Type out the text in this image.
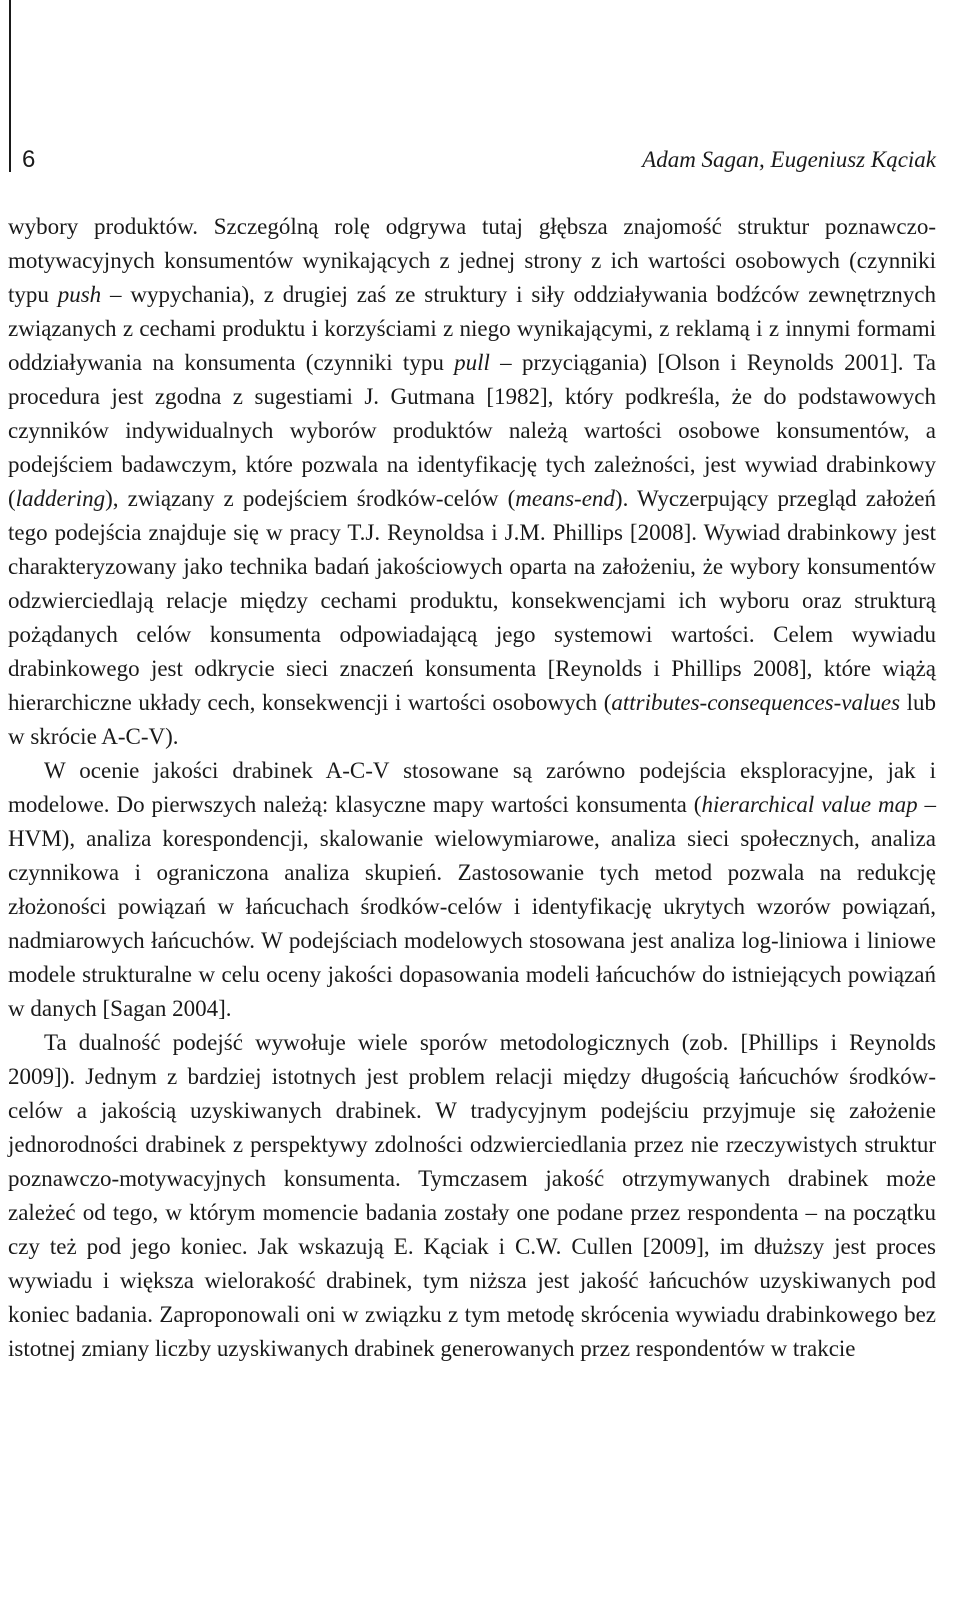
6	Adam Sagan, Eugeniusz Kąciak

wybory produktów. Szczególną rolę odgrywa tutaj głębsza znajomość struktur poznawczo-motywacyjnych konsumentów wynikających z jednej strony z ich wartości osobowych (czynniki typu push – wypychania), z drugiej zaś ze struktury i siły oddziaływania bodźców zewnętrznych związanych z cechami produktu i korzyściami z niego wynikającymi, z reklamą i z innymi formami oddziaływania na konsumenta (czynniki typu pull – przyciągania) [Olson i Reynolds 2001]. Ta procedura jest zgodna z sugestiami J. Gutmana [1982], który podkreśla, że do podstawowych czynników indywidualnych wyborów produktów należą wartości osobowe konsumentów, a podejściem badawczym, które pozwala na identyfikację tych zależności, jest wywiad drabinkowy (laddering), związany z podejściem środków-celów (means-end). Wyczerpujący przegląd założeń tego podejścia znajduje się w pracy T.J. Reynoldsa i J.M. Phillips [2008]. Wywiad drabinkowy jest charakteryzowany jako technika badań jakościowych oparta na założeniu, że wybory konsumentów odzwierciedlają relacje między cechami produktu, konsekwencjami ich wyboru oraz strukturą pożądanych celów konsumenta odpowiadającą jego systemowi wartości. Celem wywiadu drabinkowego jest odkrycie sieci znaczeń konsumenta [Reynolds i Phillips 2008], które wiążą hierarchiczne układy cech, konsekwencji i wartości osobowych (attributes-consequences-values lub w skrócie A-C-V).

W ocenie jakości drabinek A-C-V stosowane są zarówno podejścia eksploracyjne, jak i modelowe. Do pierwszych należą: klasyczne mapy wartości konsumenta (hierarchical value map – HVM), analiza korespondencji, skalowanie wielowymiarowe, analiza sieci społecznych, analiza czynnikowa i ograniczona analiza skupień. Zastosowanie tych metod pozwala na redukcję złożoności powiązań w łańcuchach środków-celów i identyfikację ukrytych wzorów powiązań, nadmiarowych łańcuchów. W podejściach modelowych stosowana jest analiza log-liniowa i liniowe modele strukturalne w celu oceny jakości dopasowania modeli łańcuchów do istniejących powiązań w danych [Sagan 2004].

Ta dualność podejść wywołuje wiele sporów metodologicznych (zob. [Phillips i Reynolds 2009]). Jednym z bardziej istotnych jest problem relacji między długością łańcuchów środków-celów a jakością uzyskiwanych drabinek. W tradycyjnym podejściu przyjmuje się założenie jednorodności drabinek z perspektywy zdolności odzwierciedlania przez nie rzeczywistych struktur poznawczo-motywacyjnych konsumenta. Tymczasem jakość otrzymywanych drabinek może zależeć od tego, w którym momencie badania zostały one podane przez respondenta – na początku czy też pod jego koniec. Jak wskazują E. Kąciak i C.W. Cullen [2009], im dłuższy jest proces wywiadu i większa wielorakość drabinek, tym niższa jest jakość łańcuchów uzyskiwanych pod koniec badania. Zaproponowali oni w związku z tym metodę skrócenia wywiadu drabinkowego bez istotnej zmiany liczby uzyskiwanych drabinek generowanych przez respondentów w trakcie
